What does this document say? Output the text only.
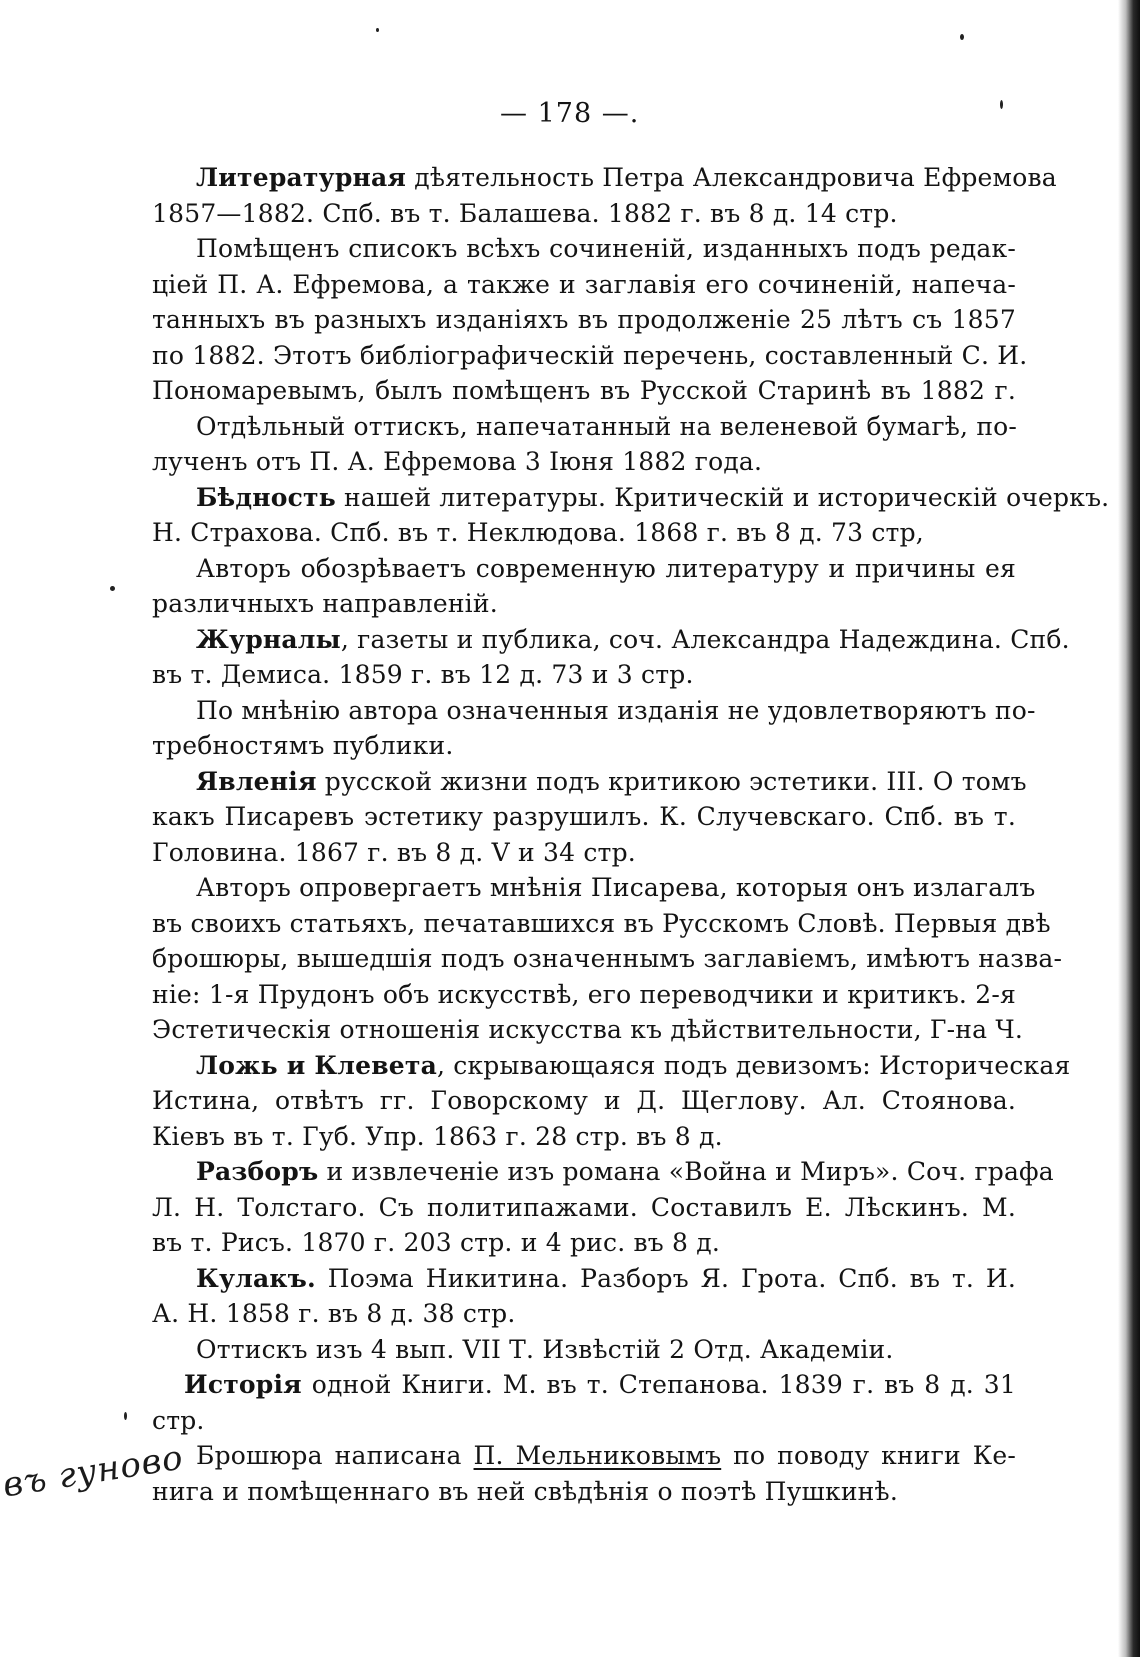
— 178 —.
Литературная дѣятельность Петра Александровича Ефремова
1857—1882. Спб. въ т. Балашева. 1882 г. въ 8 д. 14 стр.
Помѣщенъ списокъ всѣхъ сочиненій, изданныхъ подъ редак-
ціей П. А. Ефремова, а также и заглавія его сочиненій, напеча-
танныхъ въ разныхъ изданіяхъ въ продолженіе 25 лѣтъ съ 1857
по 1882. Этотъ библіографическій перечень, составленный С. И.
Пономаревымъ, былъ помѣщенъ въ Русской Старинѣ въ 1882 г.
Отдѣльный оттискъ, напечатанный на веленевой бумагѣ, по-
лученъ отъ П. А. Ефремова 3 Іюня 1882 года.
Бѣдность нашей литературы. Критическій и историческій очеркъ.
Н. Страхова. Спб. въ т. Неклюдова. 1868 г. въ 8 д. 73 стр,
Авторъ обозрѣваетъ современную литературу и причины ея
различныхъ направленій.
Журналы, газеты и публика, соч. Александра Надеждина. Спб.
въ т. Демиса. 1859 г. въ 12 д. 73 и 3 стр.
По мнѣнію автора означенныя изданія не удовлетворяютъ по-
требностямъ публики.
Явленія русской жизни подъ критикою эстетики. III. О томъ
какъ Писаревъ эстетику разрушилъ. К. Случевскаго. Спб. въ т.
Головина. 1867 г. въ 8 д. V и 34 стр.
Авторъ опровергаетъ мнѣнія Писарева, которыя онъ излагалъ
въ своихъ статьяхъ, печатавшихся въ Русскомъ Словѣ. Первыя двѣ
брошюры, вышедшія подъ означеннымъ заглавіемъ, имѣютъ назва-
ніе: 1-я Прудонъ объ искусствѣ, его переводчики и критикъ. 2-я
Эстетическія отношенія искусства къ дѣйствительности, Г-на Ч.
Ложь и Клевета, скрывающаяся подъ девизомъ: Историческая
Истина, отвѣтъ гг. Говорскому и Д. Щеглову. Ал. Стоянова.
Кіевъ въ т. Губ. Упр. 1863 г. 28 стр. въ 8 д.
Разборъ и извлеченіе изъ романа «Война и Миръ». Соч. графа
Л. Н. Толстаго. Съ политипажами. Составилъ Е. Лѣскинъ. М.
въ т. Рисъ. 1870 г. 203 стр. и 4 рис. въ 8 д.
Кулакъ. Поэма Никитина. Разборъ Я. Грота. Спб. въ т. И.
А. Н. 1858 г. въ 8 д. 38 стр.
Оттискъ изъ 4 вып. VII Т. Извѣстій 2 Отд. Академіи.
Исторія одной Книги. М. въ т. Степанова. 1839 г. въ 8 д. 31
стр.
Брошюра написана П. Мельниковымъ по поводу книги Ке-
нига и помѣщеннаго въ ней свѣдѣнія о поэтѣ Пушкинѣ.
въ гуново
